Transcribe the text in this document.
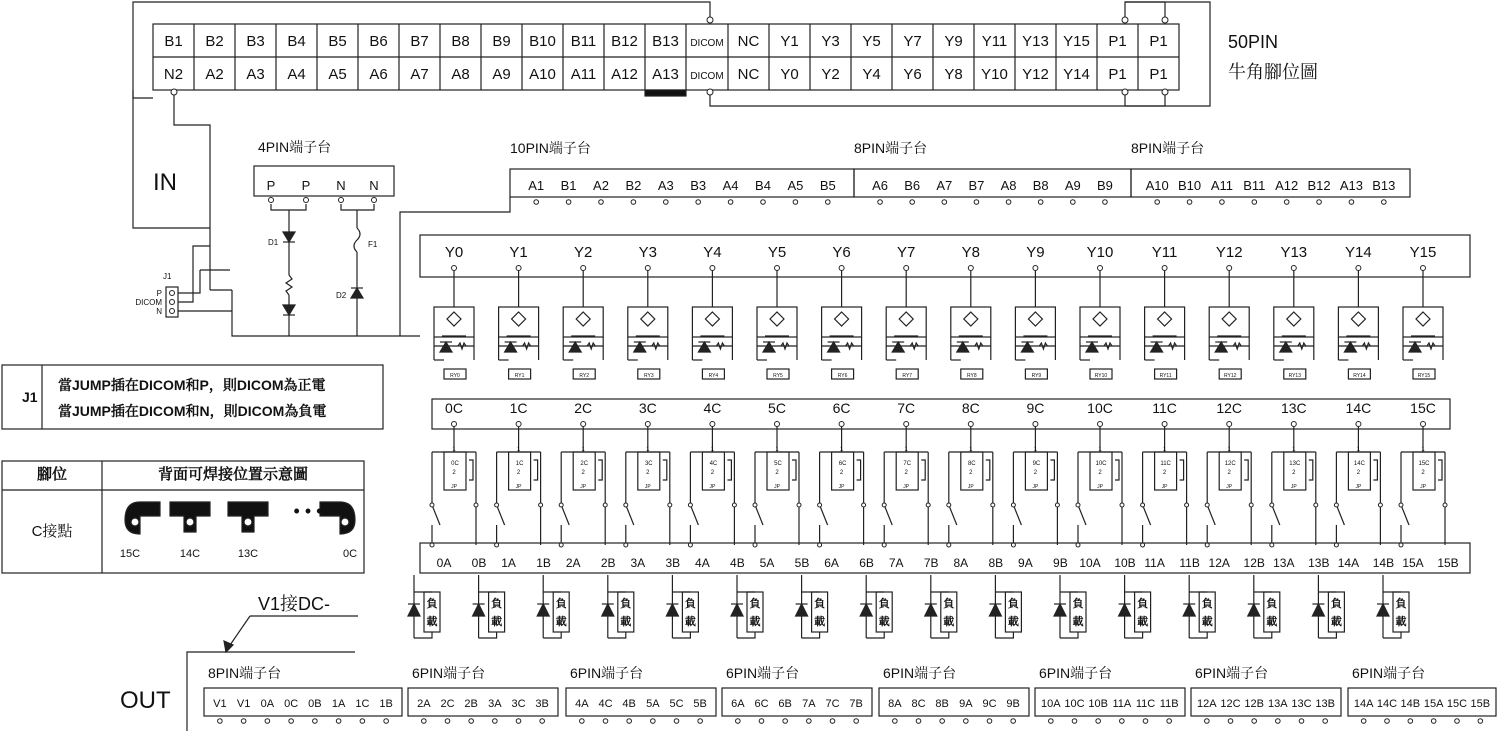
50PIN
牛角腳位圖
IN
OUT
V1接DC-
4PIN端子台
D1
D2
F1
J1
J1
當JUMP插在DICOM和P，則DICOM為正電
當JUMP插在DICOM和N，則DICOM為負電
腳位	背面可焊接位置示意圖
C接點
• • •
B1 B2 B3 B4 B5 B6 B7 B8 B9 B10 B11 B12 B13 DICOM NC Y1 Y3 Y5 Y7 Y9 Y11 Y13 Y15 P1 P1
N2 A2 A3 A4 A5 A6 A7 A8 A9 A10 A11 A12 A13 DICOM NC Y0 Y2 Y4 Y6 Y8 Y10 Y12 Y14 P1 P1
P P N N
P
DICOM
N
10PIN端子台
A1 B1 A2 B2 A3 B3 A4 B4 A5 B5
8PIN端子台
A6 B6 A7 B7 A8 B8 A9 B9
8PIN端子台
A10 B10 A11 B11 A12 B12 A13 B13
Y0
RY0
0C
1
0C
2
JP
0A 0B
負
載
Y1
RY1
1C
1
1C
2
JP
1A 1B
負
載
Y2
RY2
2C
1
2C
2
JP
2A 2B
負
載
Y3
RY3
3C
1
3C
2
JP
3A 3B
負
載
Y4
RY4
4C
1
4C
2
JP
4A 4B
負
載
Y5
RY5
5C
1
5C
2
JP
5A 5B
負
載
Y6
RY6
6C
1
6C
2
JP
6A 6B
負
載
Y7
RY7
7C
1
7C
2
JP
7A 7B
負
載
Y8
RY8
8C
1
8C
2
JP
8A 8B
負
載
Y9
RY9
9C
1
9C
2
JP
9A 9B
負
載
Y10
RY10
10C
1
10C
2
JP
10A 10B
負
載
Y11
RY11
11C
1
11C
2
JP
11A 11B
負
載
Y12
RY12
12C
1
12C
2
JP
12A 12B
負
載
Y13
RY13
13C
1
13C
2
JP
13A 13B
負
載
Y14
RY14
14C
1
14C
2
JP
14A 14B
負
載
Y15
RY15
15C
1
15C
2
JP
15A 15B
負
載
15C	14C	13C	0C
8PIN端子台
V1 V1 0A 0C 0B 1A 1C 1B
6PIN端子台
2A 2C 2B 3A 3C 3B
6PIN端子台
4A 4C 4B 5A 5C 5B
6PIN端子台
6A 6C 6B 7A 7C 7B
6PIN端子台
8A 8C 8B 9A 9C 9B
6PIN端子台
10A 10C 10B 11A 11C 11B
6PIN端子台
12A 12C 12B 13A 13C 13B
6PIN端子台
14A 14C 14B 15A 15C 15B
